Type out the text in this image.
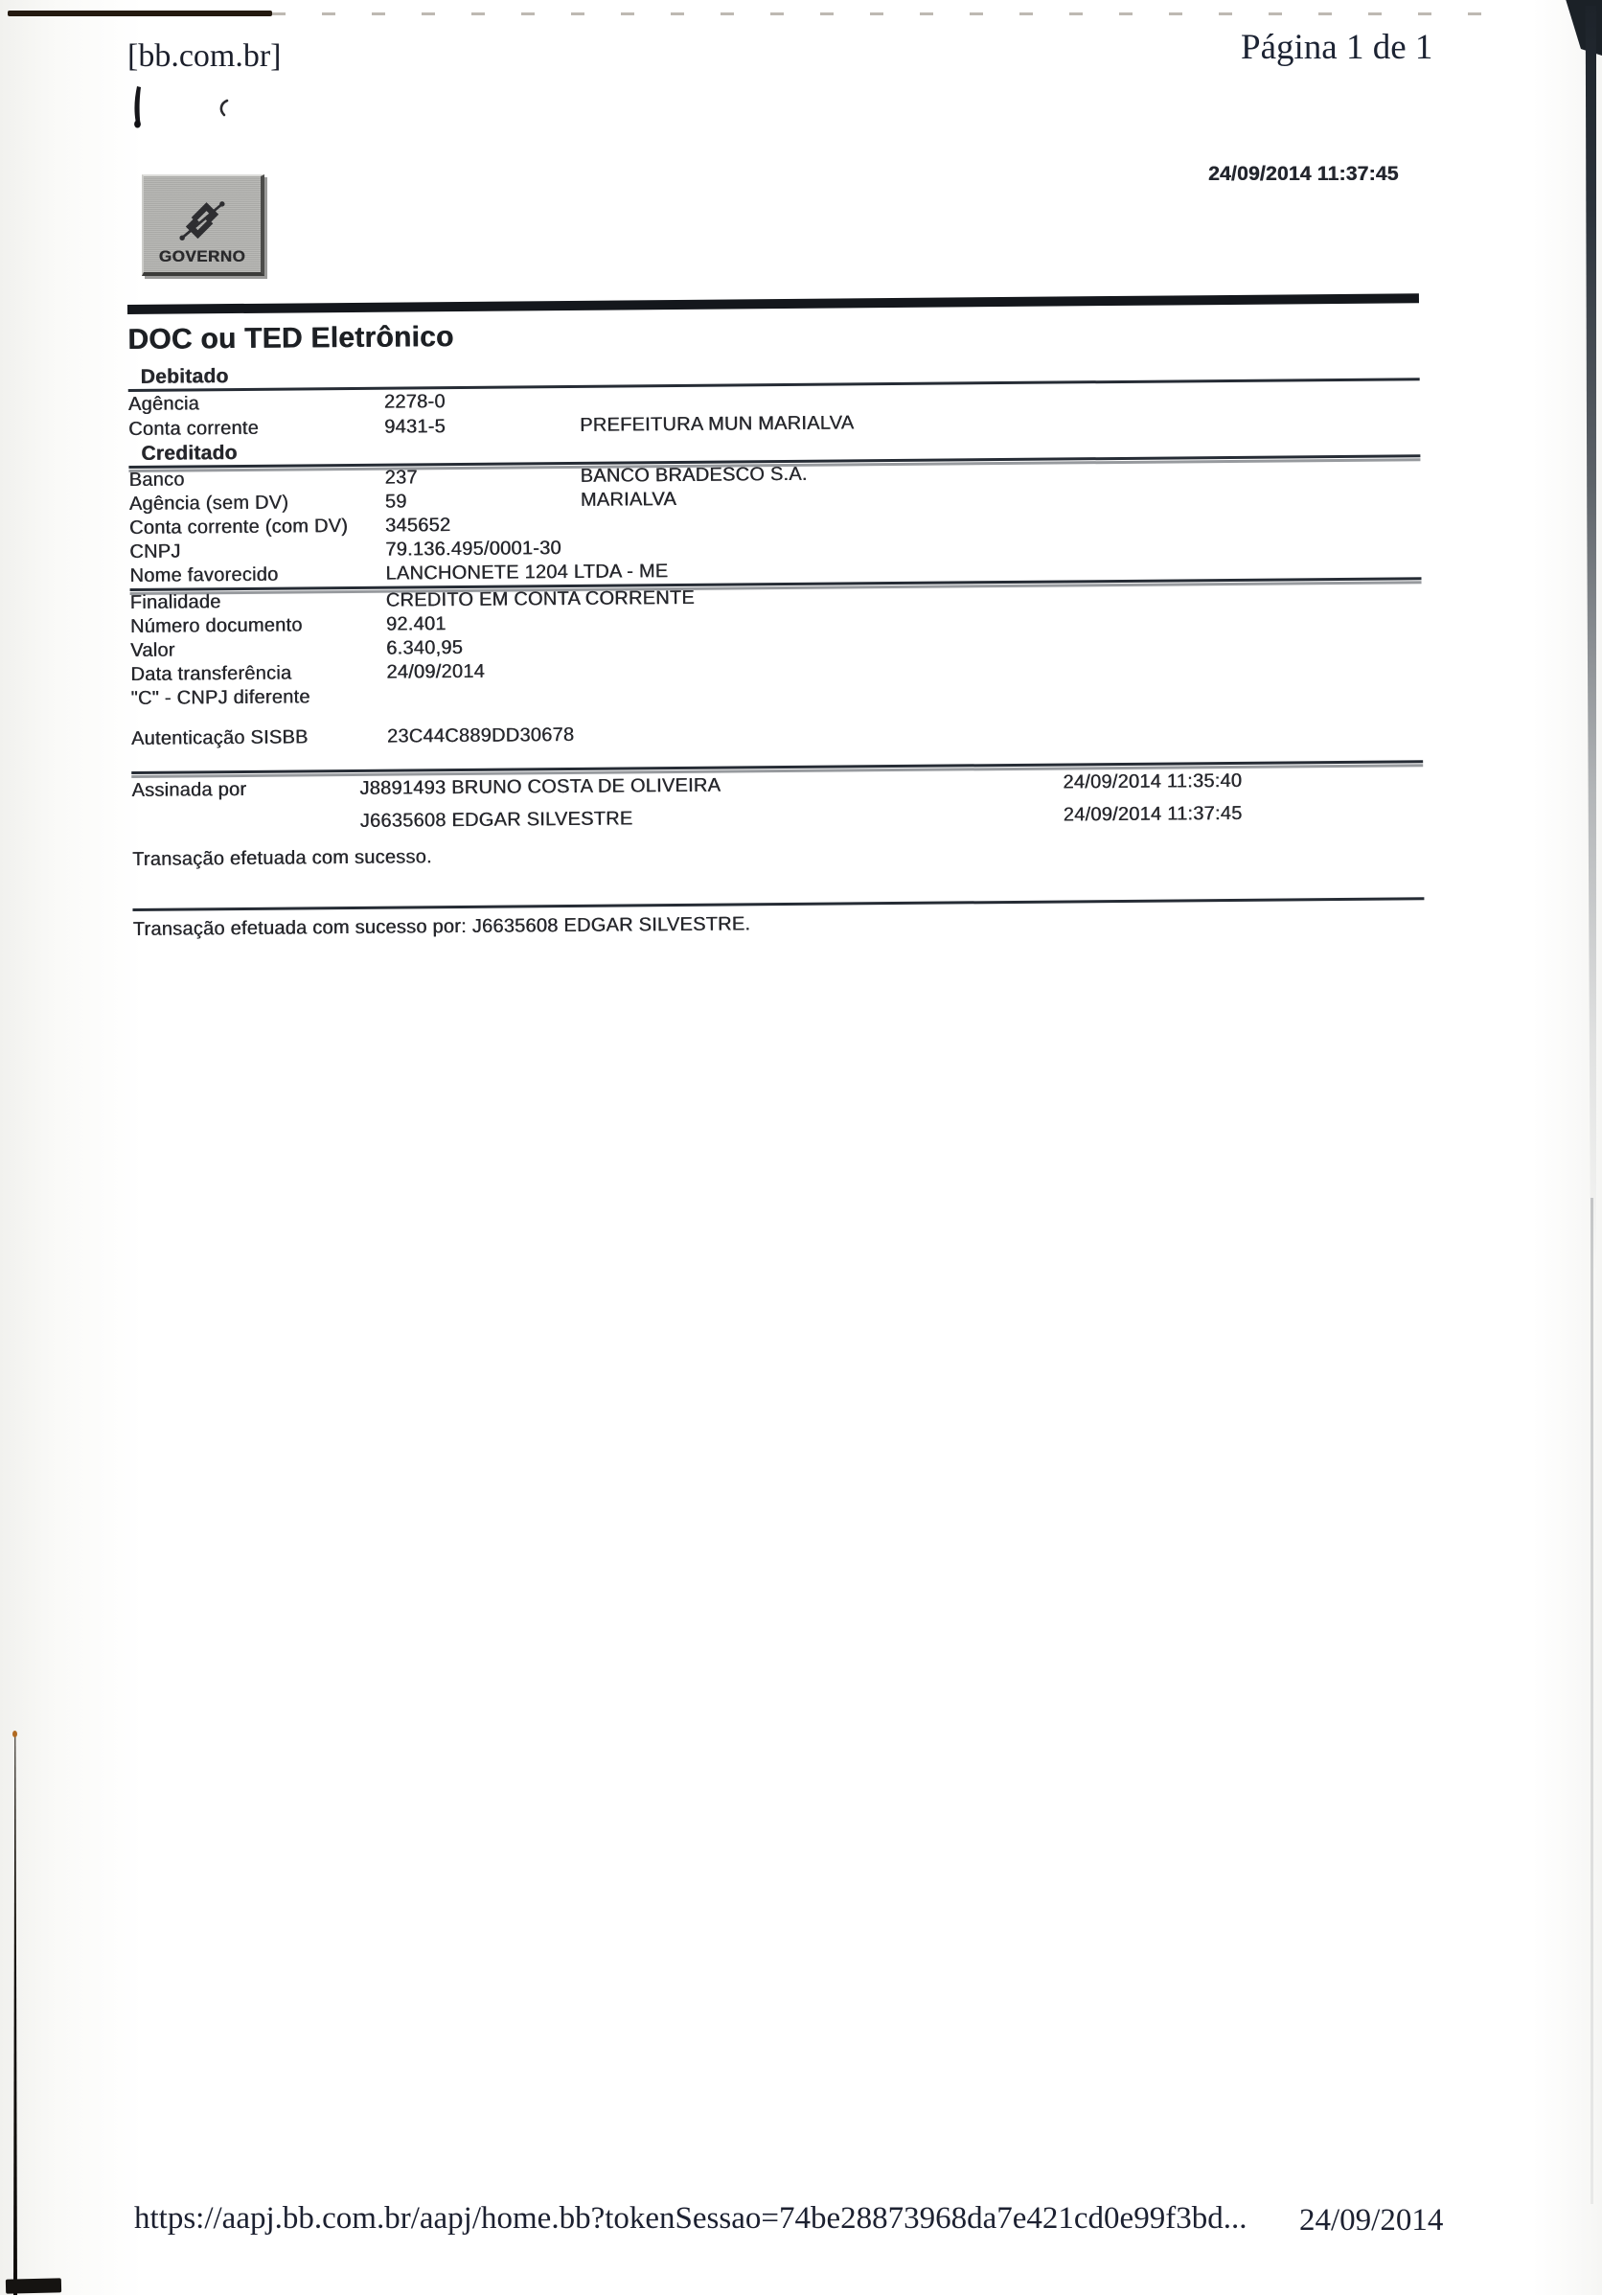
[bb.com.br]	Página 1 de 1
24/09/2014 11:37:45
GOVERNO
DOC ou TED Eletrônico
Debitado
Agência	2278-0
Conta corrente	9431-5	PREFEITURA MUN MARIALVA
Creditado
Banco	237	BANCO BRADESCO S.A.
Agência (sem DV)	59	MARIALVA
Conta corrente (com DV)	345652
CNPJ	79.136.495/0001-30
Nome favorecido	LANCHONETE 1204 LTDA - ME
Finalidade	CREDITO EM CONTA CORRENTE
Número documento	92.401
Valor	6.340,95
Data transferência	24/09/2014
"C" - CNPJ diferente
Autenticação SISBB	23C44C889DD30678
Assinada por	J8891493 BRUNO COSTA DE OLIVEIRA	24/09/2014 11:35:40
J6635608 EDGAR SILVESTRE	24/09/2014 11:37:45
Transação efetuada com sucesso.
Transação efetuada com sucesso por: J6635608 EDGAR SILVESTRE.
https://aapj.bb.com.br/aapj/home.bb?tokenSessao=74be28873968da7e421cd0e99f3bd... 24/09/2014
